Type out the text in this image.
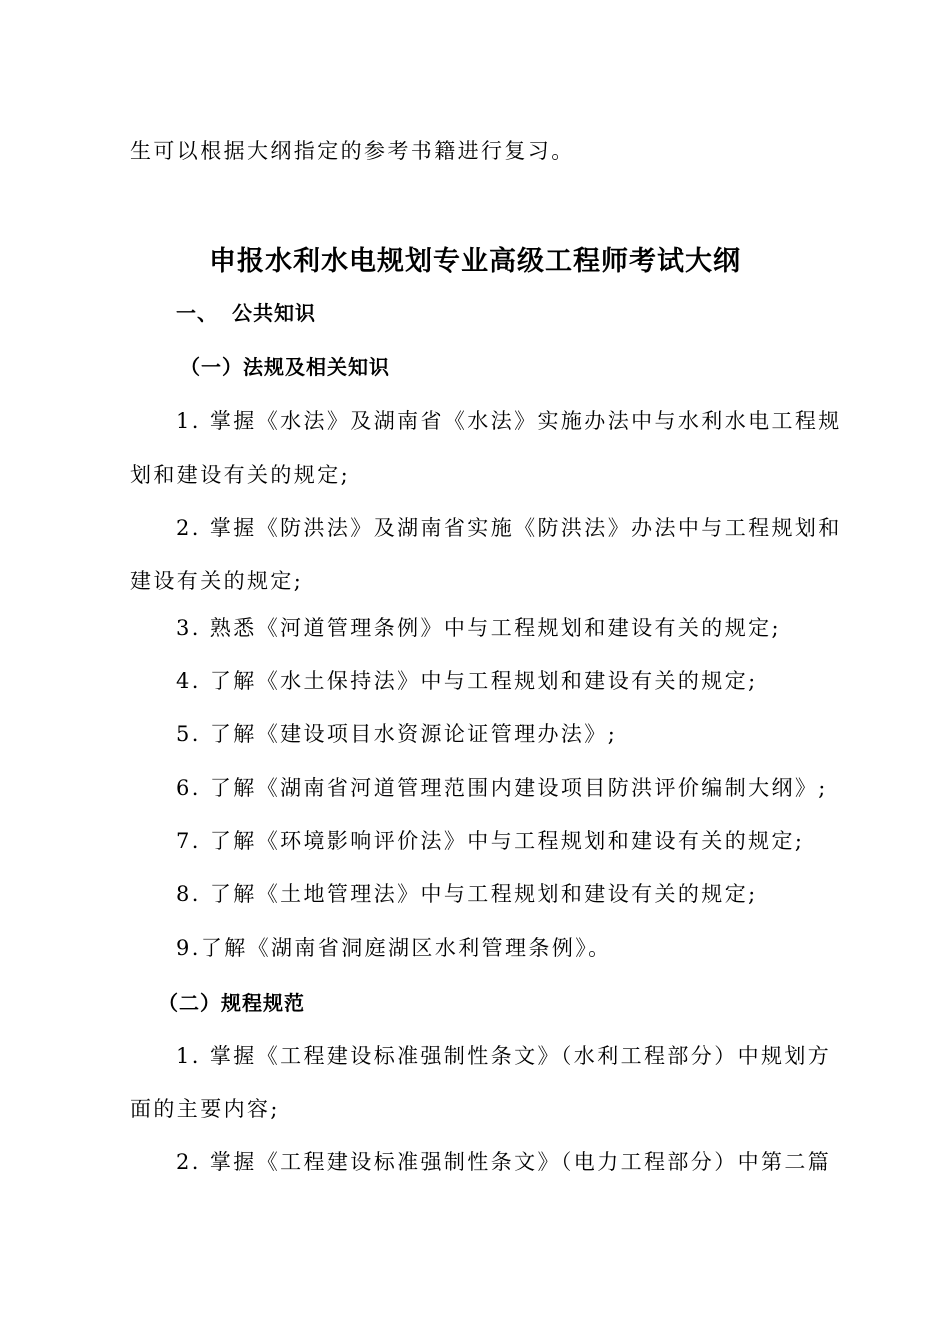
生可以根据大纲指定的参考书籍进行复习。
申报水利水电规划专业高级工程师考试大纲
一、 公共知识
（一）法规及相关知识
1. 掌握《水法》及湖南省《水法》实施办法中与水利水电工程规
划和建设有关的规定;
2. 掌握《防洪法》及湖南省实施《防洪法》办法中与工程规划和
建设有关的规定;
3. 熟悉《河道管理条例》中与工程规划和建设有关的规定;
4. 了解《水土保持法》中与工程规划和建设有关的规定;
5. 了解《建设项目水资源论证管理办法》;
6. 了解《湖南省河道管理范围内建设项目防洪评价编制大纲》;
7. 了解《环境影响评价法》中与工程规划和建设有关的规定;
8. 了解《土地管理法》中与工程规划和建设有关的规定;
9.了解《湖南省洞庭湖区水利管理条例》。
（二）规程规范
1. 掌握《工程建设标准强制性条文》（水利工程部分）中规划方
面的主要内容;
2. 掌握《工程建设标准强制性条文》（电力工程部分）中第二篇
